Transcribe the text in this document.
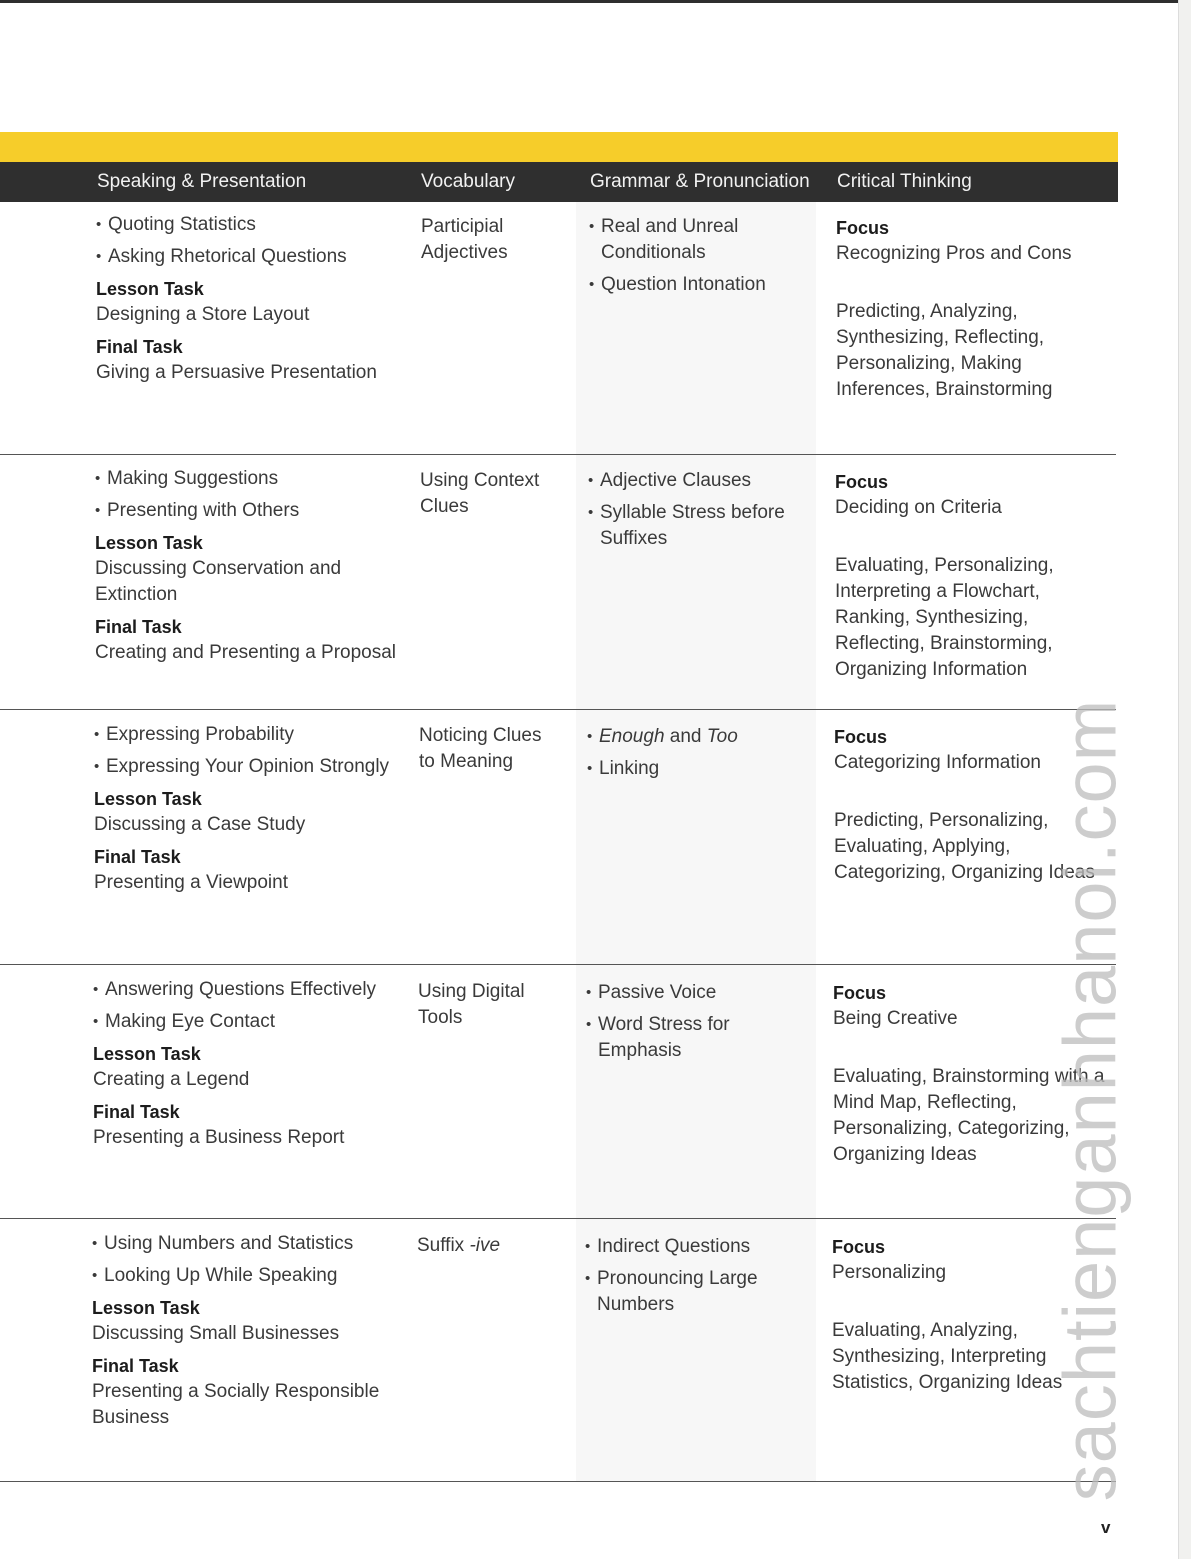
Speaking & Presentation	Vocabulary	Grammar & Pronunciation Critical Thinking
• Quoting Statistics
• Asking Rhetorical Questions
Lesson Task
Designing a Store Layout
Final Task
Giving a Persuasive Presentation
Participial Adjectives
• Real and Unreal Conditionals
• Question Intonation
Focus
Recognizing Pros and Cons
Predicting, Analyzing, Synthesizing, Reflecting, Personalizing, Making Inferences, Brainstorming
• Making Suggestions
• Presenting with Others
Lesson Task
Discussing Conservation and Extinction
Final Task
Creating and Presenting a Proposal
Using Context Clues
• Adjective Clauses
• Syllable Stress before Suffixes
Focus
Deciding on Criteria
Evaluating, Personalizing, Interpreting a Flowchart, Ranking, Synthesizing, Reflecting, Brainstorming, Organizing Information
• Expressing Probability
• Expressing Your Opinion Strongly
Lesson Task
Discussing a Case Study
Final Task
Presenting a Viewpoint
Noticing Clues to Meaning
• Enough and Too
• Linking
Focus
Categorizing Information
Predicting, Personalizing, Evaluating, Applying, Categorizing, Organizing Ideas
• Answering Questions Effectively
• Making Eye Contact
Lesson Task
Creating a Legend
Final Task
Presenting a Business Report
Using Digital Tools
• Passive Voice
• Word Stress for Emphasis
Focus
Being Creative
Evaluating, Brainstorming with a Mind Map, Reflecting, Personalizing, Categorizing, Organizing Ideas
• Using Numbers and Statistics
• Looking Up While Speaking
Lesson Task
Discussing Small Businesses
Final Task
Presenting a Socially Responsible Business
Suffix -ive
•	Indirect Questions
• Pronouncing Large Numbers
Focus
Personalizing
Evaluating, Analyzing, Synthesizing, Interpreting Statistics, Organizing Ideas
sachtienganhhanoi.com
v
